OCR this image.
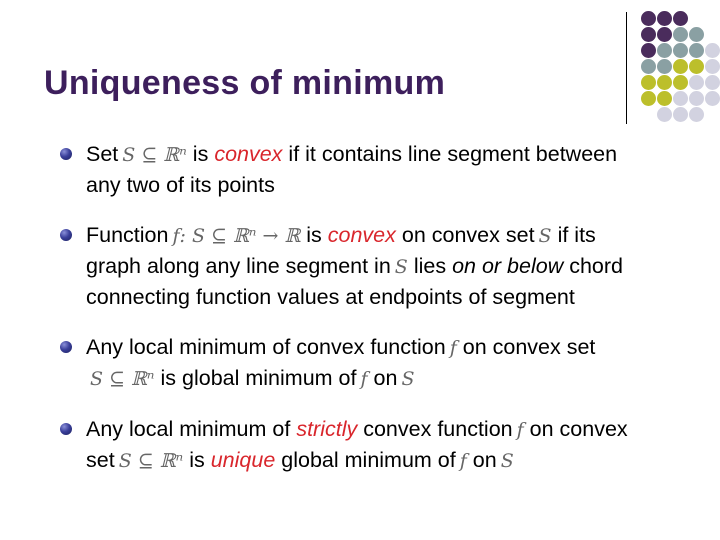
Uniqueness of minimum
Set S ⊆ ℝⁿ is convex if it contains line segment between
any two of its points
Function f: S ⊆ ℝⁿ → ℝ is convex on convex set S if its
graph along any line segment in S lies on or below chord
connecting function values at endpoints of segment
Any local minimum of convex function f on convex set
S ⊆ ℝⁿ is global minimum of f on S
Any local minimum of strictly convex function f on convex
set S ⊆ ℝⁿ is unique global minimum of f on S
